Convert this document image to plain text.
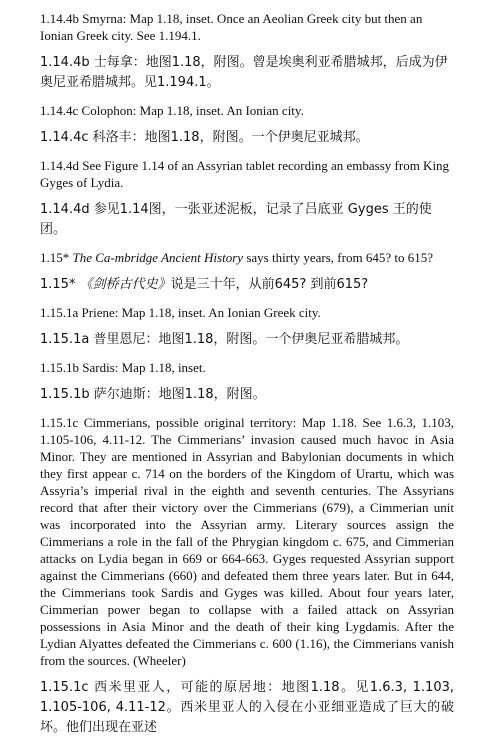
1.14.4b Smyrna: Map 1.18, inset. Once an Aeolian Greek city but then an Ionian Greek city. See 1.194.1.

1.14.4b 士每拿：地图1.18，附图。曾是埃奥利亚希腊城邦，后成为伊奥尼亚希腊城邦。见1.194.1。

1.14.4c Colophon: Map 1.18, inset. An Ionian city.

1.14.4c 科洛丰：地图1.18，附图。一个伊奥尼亚城邦。

1.14.4d See Figure 1.14 of an Assyrian tablet recording an embassy from King Gyges of Lydia.

1.14.4d 参见1.14图，一张亚述泥板，记录了吕底亚 Gyges 王的使团。

1.15* The Ca-mbridge Ancient History says thirty years, from 645? to 615?

1.15* 《剑桥古代史》说是三十年，从前645? 到前615?

1.15.1a Priene: Map 1.18, inset. An Ionian Greek city.

1.15.1a 普里恩尼：地图1.18，附图。一个伊奥尼亚希腊城邦。

1.15.1b Sardis: Map 1.18, inset.

1.15.1b 萨尔迪斯：地图1.18，附图。

1.15.1c Cimmerians, possible original territory: Map 1.18. See 1.6.3, 1.103, 1.105-106, 4.11-12. The Cimmerians’ invasion caused much havoc in Asia Minor. They are mentioned in Assyrian and Babylonian documents in which they first appear c. 714 on the borders of the Kingdom of Urartu, which was Assyria’s imperial rival in the eighth and seventh centuries. The Assyrians record that after their victory over the Cimmerians (679), a Cimmerian unit was incorporated into the Assyrian army. Literary sources assign the Cimmerians a role in the fall of the Phrygian kingdom c. 675, and Cimmerian attacks on Lydia began in 669 or 664-663. Gyges requested Assyrian support against the Cimmerians (660) and defeated them three years later. But in 644, the Cimmerians took Sardis and Gyges was killed. About four years later, Cimmerian power began to collapse with a failed attack on Assyrian possessions in Asia Minor and the death of their king Lygdamis. After the Lydian Alyattes defeated the Cimmerians c. 600 (1.16), the Cimmerians vanish from the sources. (Wheeler)

1.15.1c 西米里亚人，可能的原居地：地图1.18。见1.6.3, 1.103, 1.105-106, 4.11-12。西米里亚人的入侵在小亚细亚造成了巨大的破坏。他们出现在亚述
